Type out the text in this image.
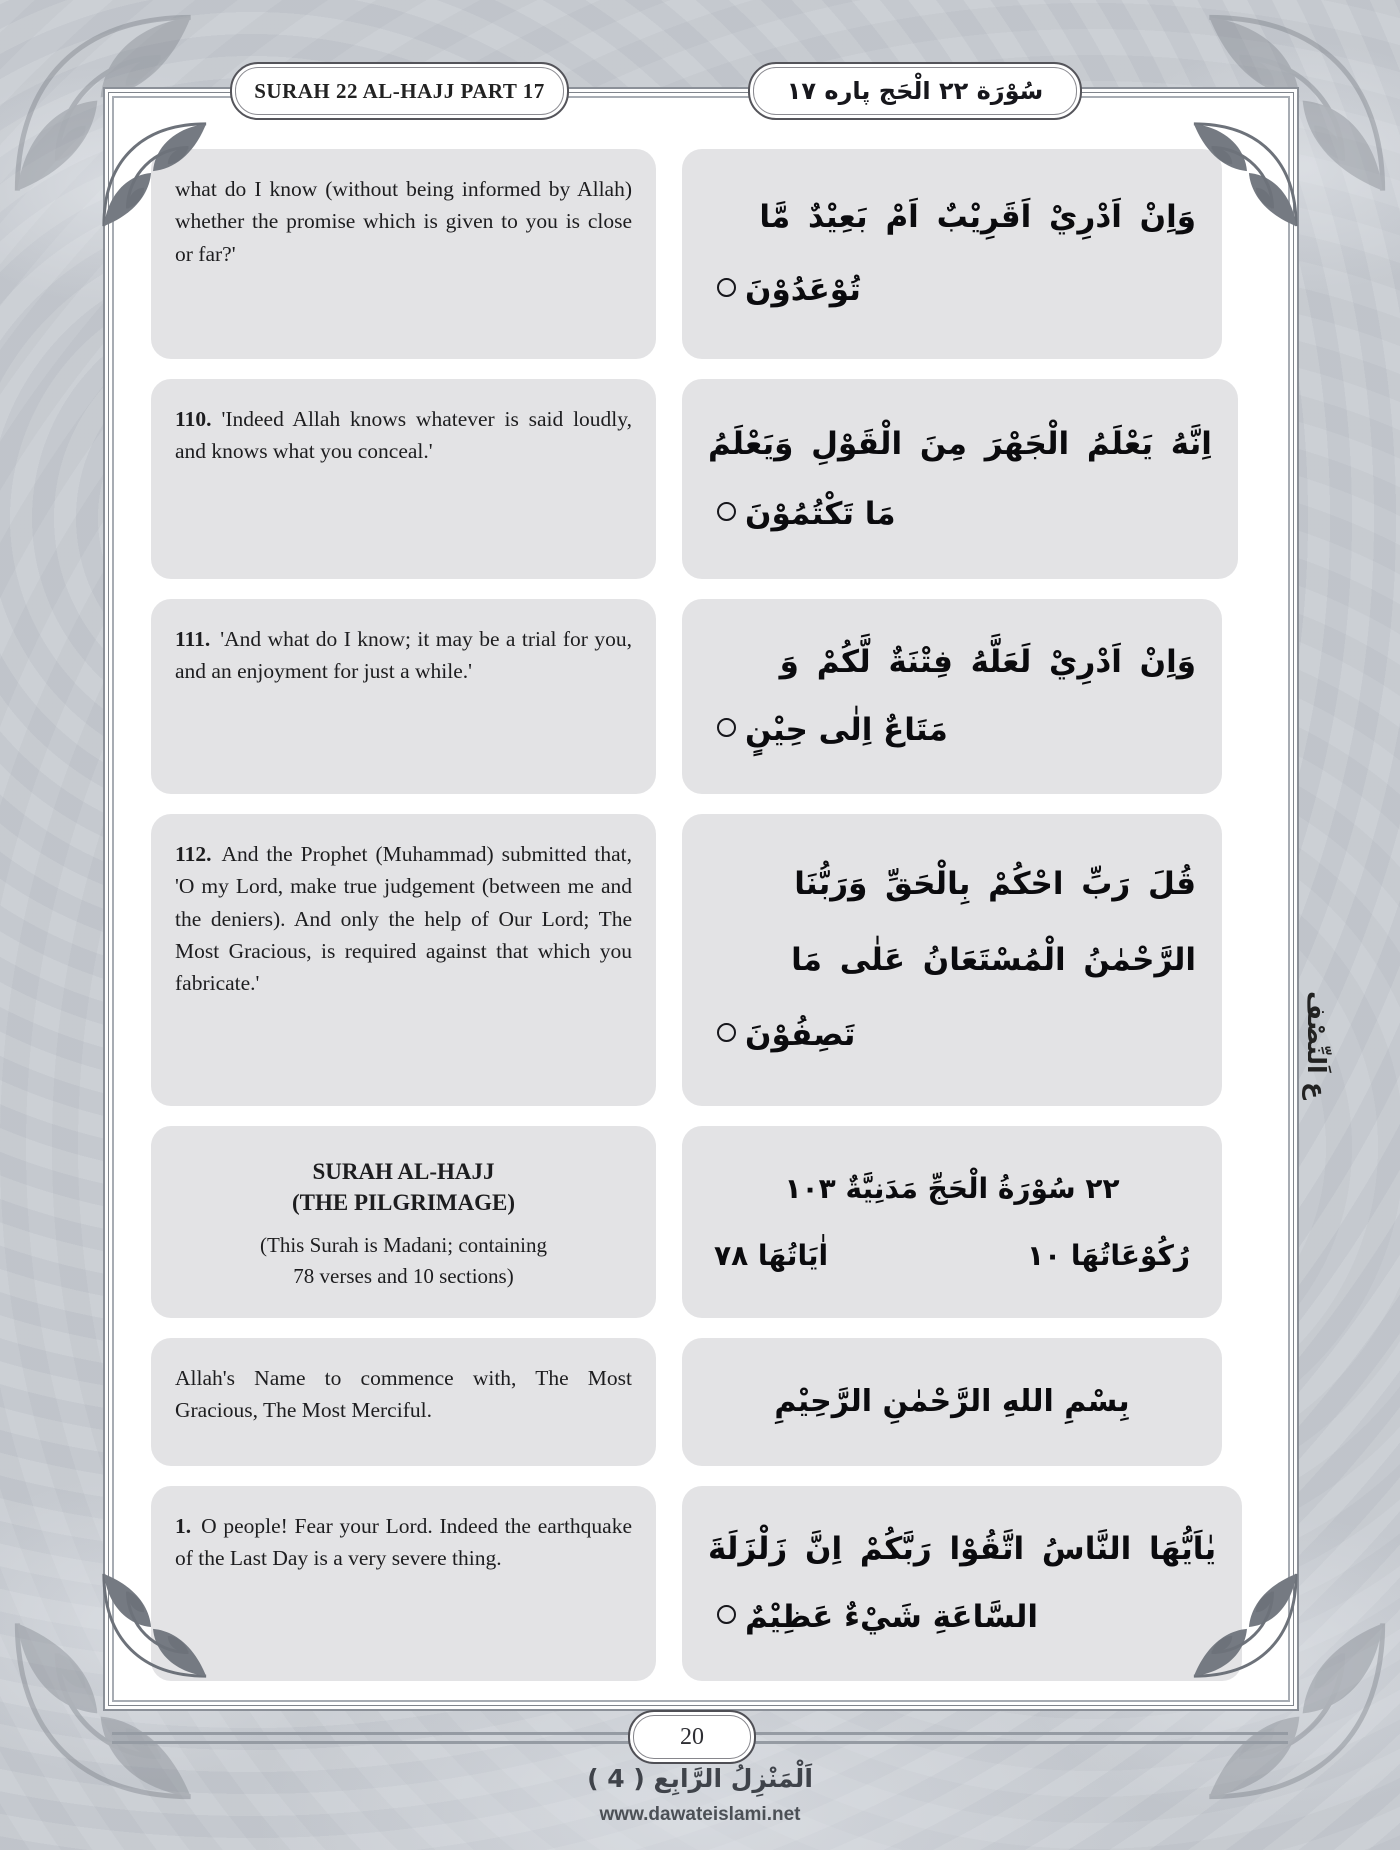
what do I know (without being informed by Allah) whether the promise which is given to you is close or far?'

وَاِنْ اَدْرِيْ اَقَرِيْبٌ اَمْ بَعِيْدٌ مَّا
تُوْعَدُوْنَ

110. 'Indeed Allah knows whatever is said loudly, and knows what you conceal.'	اِنَّهُ يَعْلَمُ الْجَهْرَ مِنَ الْقَوْلِ وَيَعْلَمُ
مَا تَكْتُمُوْنَ

111. 'And what do I know; it may be a trial for you, and an enjoyment for just a while.'	وَاِنْ اَدْرِيْ لَعَلَّهُ فِتْنَةٌ لَّكُمْ وَ
مَتَاعٌ اِلٰى حِيْنٍ

112. And the Prophet (Muhammad) submitted that, 'O my Lord, make true judgement (between me and the deniers). And only the help of Our Lord; The Most Gracious, is required against that which you fabricate.'

قُلَ رَبِّ احْكُمْ بِالْحَقِّ وَرَبُّنَا
الرَّحْمٰنُ الْمُسْتَعَانُ عَلٰى مَا
تَصِفُوْنَ
SURAH AL-HAJJ
(THE PILGRIMAGE)
(This Surah is Madani; containing
78 verses and 10 sections)
٢٢ سُوْرَةُ الْحَجِّ مَدَنِيَّةٌ ١٠٣
اٰيَاتُهَا ٧٨	رُكُوْعَاتُهَا ١٠

Allah's Name to commence with, The Most Gracious, The Most Merciful.	بِسْمِ اللهِ الرَّحْمٰنِ الرَّحِيْمِ

1. O people! Fear your Lord. Indeed the earthquake of the Last Day is a very severe thing.	يٰاَيُّهَا النَّاسُ اتَّقُوْا رَبَّكُمْ اِنَّ زَلْزَلَةَ
السَّاعَةِ شَيْءٌ عَظِيْمٌ
SURAH 22 AL-HAJJ PART 17	سُوْرَة ٢٢ الْحَج پاره ١٧
ع اَلنِّصْف
20
اَلْمَنْزِلُ الرَّابِع ( 4 )
www.dawateislami.net
